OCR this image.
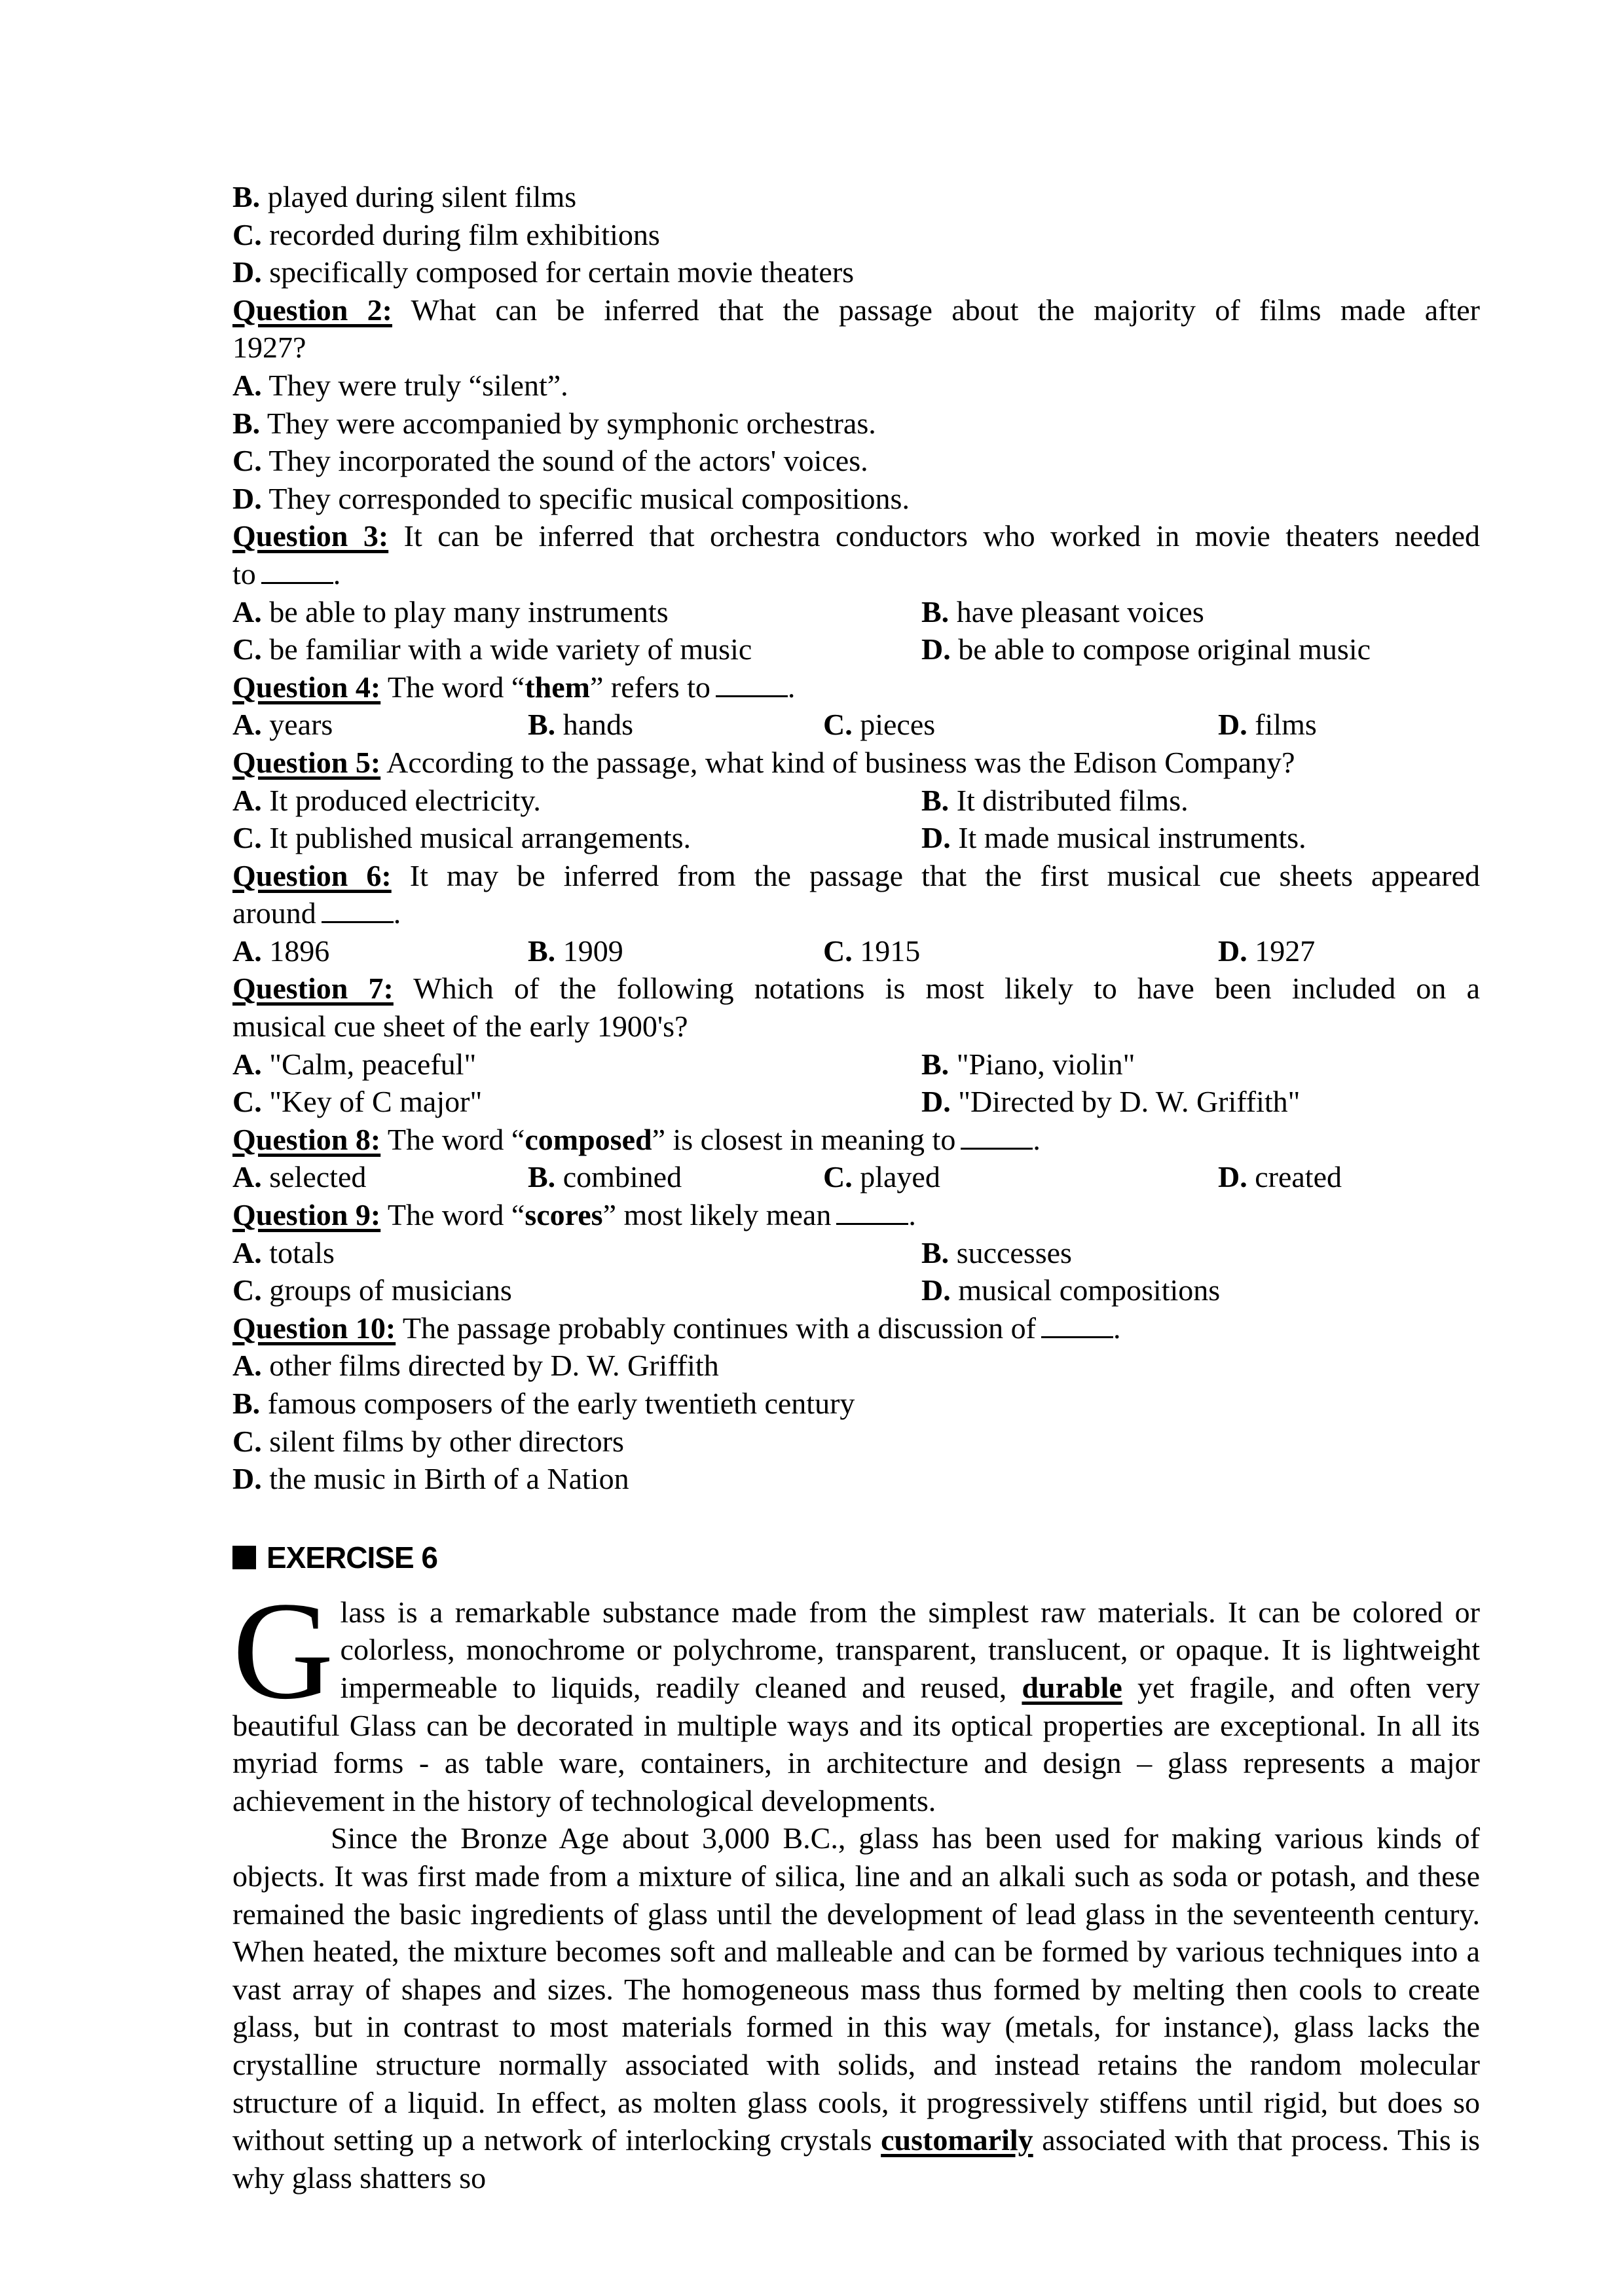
B. played during silent films
C. recorded during film exhibitions
D. specifically composed for certain movie theaters
Question 2: What can be inferred that the passage about the majority of films made after
1927?
A. They were truly “silent”.
B. They were accompanied by symphonic orchestras.
C. They incorporated the sound of the actors' voices.
D. They corresponded to specific musical compositions.
Question 3: It can be inferred that orchestra conductors who worked in movie theaters needed
to	.
A. be able to play many instruments	B. have pleasant voices
C. be familiar with a wide variety of music	D. be able to compose original music
Question 4: The word “them” refers to	.
A. years	B. hands	C. pieces	D. films
Question 5: According to the passage, what kind of business was the Edison Company?
A. It produced electricity.	B. It distributed films.
C. It published musical arrangements.	D. It made musical instruments.
Question 6: It may be inferred from the passage that the first musical cue sheets appeared
around	.
A. 1896	B. 1909	C. 1915	D. 1927
Question 7: Which of the following notations is most likely to have been included on a
musical cue sheet of the early 1900's?
A. "Calm, peaceful"	B. "Piano, violin"
C. "Key of C major"	D. "Directed by D. W. Griffith"
Question 8: The word “composed” is closest in meaning to	.
A. selected	B. combined	C. played	D. created
Question 9: The word “scores” most likely mean	.
A. totals	B. successes
C. groups of musicians	D. musical compositions
Question 10: The passage probably continues with a discussion of	.
A. other films directed by D. W. Griffith
B. famous composers of the early twentieth century
C. silent films by other directors
D. the music in Birth of a Nation
EXERCISE 6

Glass is a remarkable substance made from the simplest raw materials. It can be colored or colorless, monochrome or polychrome, transparent, translucent, or opaque. It is lightweight impermeable to liquids, readily cleaned and reused, durable yet fragile, and often very beautiful Glass can be decorated in multiple ways and its optical properties are exceptional. In all its myriad forms - as table ware, containers, in architecture and design – glass represents a major achievement in the history of technological developments.

Since the Bronze Age about 3,000 B.C., glass has been used for making various kinds of objects. It was first made from a mixture of silica, line and an alkali such as soda or potash, and these remained the basic ingredients of glass until the development of lead glass in the seventeenth century. When heated, the mixture becomes soft and malleable and can be formed by various techniques into a vast array of shapes and sizes. The homogeneous mass thus formed by melting then cools to create glass, but in contrast to most materials formed in this way (metals, for instance), glass lacks the crystalline structure normally associated with solids, and instead retains the random molecular structure of a liquid. In effect, as molten glass cools, it progressively stiffens until rigid, but does so without setting up a network of interlocking crystals customarily associated with that process. This is why glass shatters so
